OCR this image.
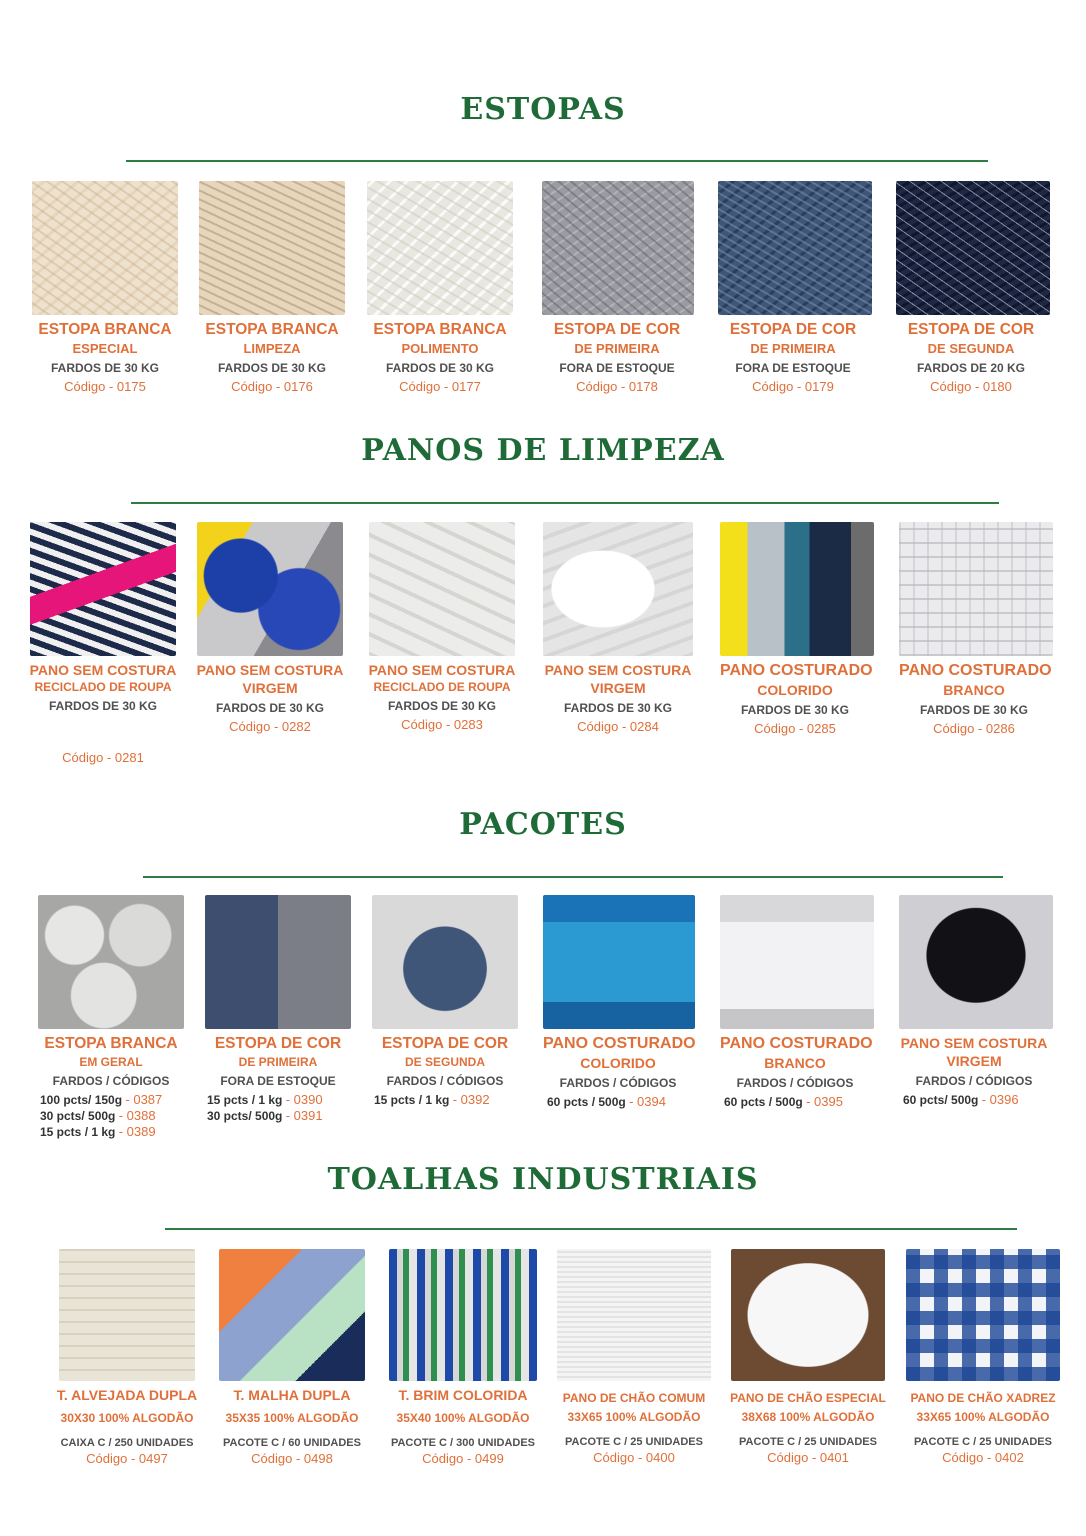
ESTOPAS
ESTOPA BRANCA
ESPECIAL
FARDOS DE 30 KG
Código - 0175
ESTOPA BRANCA
LIMPEZA
FARDOS DE 30 KG
Código - 0176
ESTOPA BRANCA
POLIMENTO
FARDOS DE 30 KG
Código - 0177
ESTOPA DE COR
DE PRIMEIRA
FORA DE ESTOQUE
Código - 0178
ESTOPA DE COR
DE PRIMEIRA
FORA DE ESTOQUE
Código - 0179
ESTOPA DE COR
DE SEGUNDA
FARDOS DE 20 KG
Código - 0180
PANOS DE LIMPEZA
PANO SEM COSTURA
RECICLADO DE ROUPA
FARDOS DE 30 KG
Código - 0281
PANO SEM COSTURA
VIRGEM
FARDOS DE 30 KG
Código - 0282
PANO SEM COSTURA
RECICLADO DE ROUPA
FARDOS DE 30 KG
Código - 0283
PANO SEM COSTURA
VIRGEM
FARDOS DE 30 KG
Código - 0284
PANO COSTURADO
COLORIDO
FARDOS DE 30 KG
Código - 0285
PANO COSTURADO
BRANCO
FARDOS DE 30 KG
Código - 0286
PACOTES
ESTOPA BRANCA
EM GERAL
FARDOS / CÓDIGOS
100 pcts/ 150g - 0387
30 pcts/ 500g - 0388
15 pcts / 1 kg - 0389
ESTOPA DE COR
DE PRIMEIRA
FORA DE ESTOQUE
15 pcts / 1 kg - 0390
30 pcts/ 500g - 0391
ESTOPA DE COR
DE SEGUNDA
FARDOS / CÓDIGOS
15 pcts / 1 kg - 0392
PANO COSTURADO
COLORIDO
FARDOS / CÓDIGOS
60 pcts / 500g - 0394
PANO COSTURADO
BRANCO
FARDOS / CÓDIGOS
60 pcts / 500g - 0395
PANO SEM COSTURA
VIRGEM
FARDOS / CÓDIGOS
60 pcts/ 500g - 0396
TOALHAS INDUSTRIAIS
T. ALVEJADA DUPLA
30X30 100% ALGODÃO
CAIXA C / 250 UNIDADES
Código - 0497
T. MALHA DUPLA
35X35 100% ALGODÃO
PACOTE C / 60 UNIDADES
Código - 0498
T. BRIM COLORIDA
35X40 100% ALGODÃO
PACOTE C / 300 UNIDADES
Código - 0499
PANO DE CHÃO COMUM
33X65 100% ALGODÃO
PACOTE C / 25 UNIDADES
Código - 0400
PANO DE CHÃO ESPECIAL
38X68 100% ALGODÃO
PACOTE C / 25 UNIDADES
Código - 0401
PANO DE CHÃO XADREZ
33X65 100% ALGODÃO
PACOTE C / 25 UNIDADES
Código - 0402
